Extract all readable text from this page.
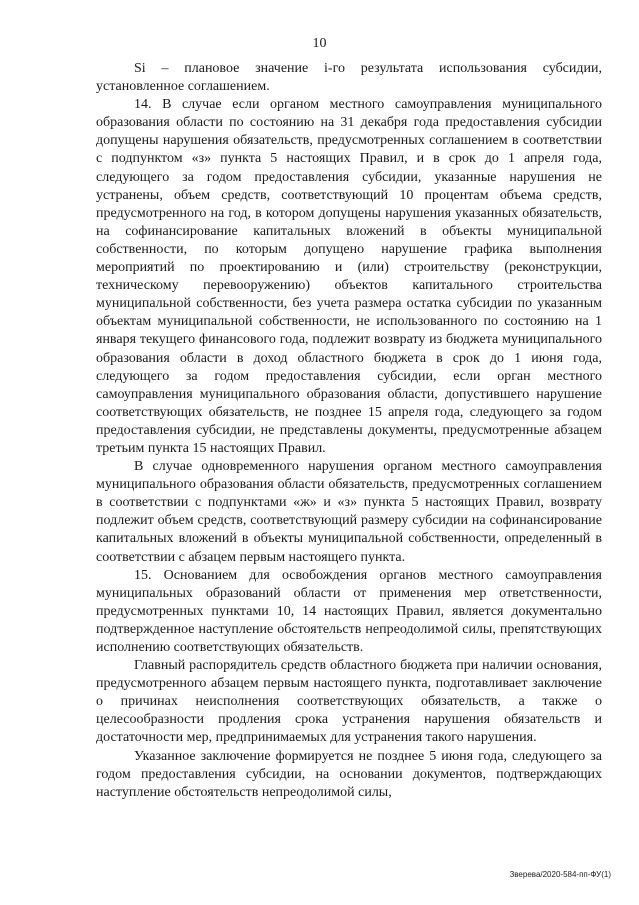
10

Si – плановое значение i-го результата использования субсидии, установленное соглашением.

14. В случае если органом местного самоуправления муниципального образования области по состоянию на 31 декабря года предоставления субсидии допущены нарушения обязательств, предусмотренных соглашением в соответствии с подпунктом «з» пункта 5 настоящих Правил, и в срок до 1 апреля года, следующего за годом предоставления субсидии, указанные нарушения не устранены, объем средств, соответствующий 10 процентам объема средств, предусмотренного на год, в котором допущены нарушения указанных обязательств, на софинансирование капитальных вложений в объекты муниципальной собственности, по которым допущено нарушение графика выполнения мероприятий по проектированию и (или) строительству (реконструкции, техническому перевооружению) объектов капитального строительства муниципальной собственности, без учета размера остатка субсидии по указанным объектам муниципальной собственности, не использованного по состоянию на 1 января текущего финансового года, подлежит возврату из бюджета муниципального образования области в доход областного бюджета в срок до 1 июня года, следующего за годом предоставления субсидии, если орган местного самоуправления муниципального образования области, допустившего нарушение соответствующих обязательств, не позднее 15 апреля года, следующего за годом предоставления субсидии, не представлены документы, предусмотренные абзацем третьим пункта 15 настоящих Правил.

В случае одновременного нарушения органом местного самоуправления муниципального образования области обязательств, предусмотренных соглашением в соответствии с подпунктами «ж» и «з» пункта 5 настоящих Правил, возврату подлежит объем средств, соответствующий размеру субсидии на софинансирование капитальных вложений в объекты муниципальной собственности, определенный в соответствии с абзацем первым настоящего пункта.

15. Основанием для освобождения органов местного самоуправления муниципальных образований области от применения мер ответственности, предусмотренных пунктами 10, 14 настоящих Правил, является документально подтвержденное наступление обстоятельств непреодолимой силы, препятствующих исполнению соответствующих обязательств.

Главный распорядитель средств областного бюджета при наличии основания, предусмотренного абзацем первым настоящего пункта, подготавливает заключение о причинах неисполнения соответствующих обязательств, а также о целесообразности продления срока устранения нарушения обязательств и достаточности мер, предпринимаемых для устранения такого нарушения.

Указанное заключение формируется не позднее 5 июня года, следующего за годом предоставления субсидии, на основании документов, подтверждающих наступление обстоятельств непреодолимой силы,

Зверева/2020-584-пп-ФУ(1)
